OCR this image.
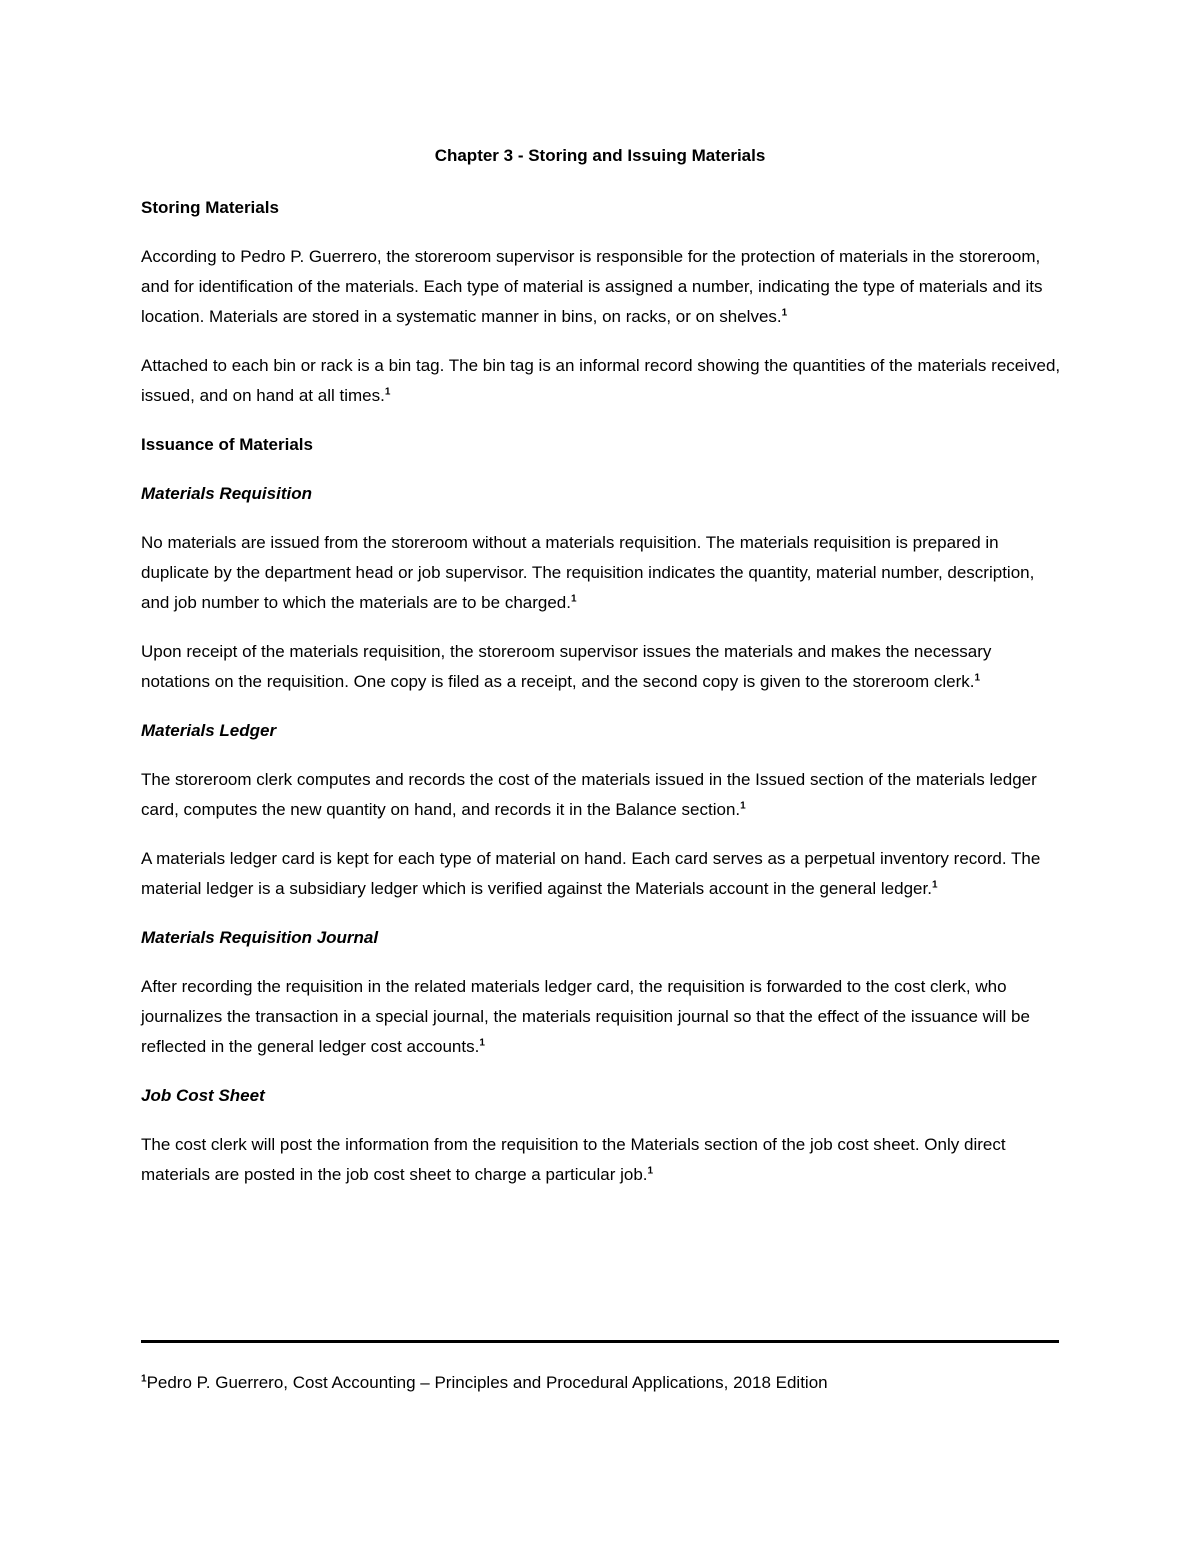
Chapter 3 - Storing and Issuing Materials
Storing Materials

According to Pedro P. Guerrero, the storeroom supervisor is responsible for the protection of materials in the storeroom, and for identification of the materials. Each type of material is assigned a number, indicating the type of materials and its location. Materials are stored in a systematic manner in bins, on racks, or on shelves.$^1$

Attached to each bin or rack is a bin tag. The bin tag is an informal record showing the quantities of the materials received, issued, and on hand at all times.$^1$

Issuance of Materials
Materials Requisition

No materials are issued from the storeroom without a materials requisition. The materials requisition is prepared in duplicate by the department head or job supervisor. The requisition indicates the quantity, material number, description, and job number to which the materials are to be charged.$^1$

Upon receipt of the materials requisition, the storeroom supervisor issues the materials and makes the necessary notations on the requisition. One copy is filed as a receipt, and the second copy is given to the storeroom clerk.$^1$

Materials Ledger

The storeroom clerk computes and records the cost of the materials issued in the Issued section of the materials ledger card, computes the new quantity on hand, and records it in the Balance section.$^1$

A materials ledger card is kept for each type of material on hand. Each card serves as a perpetual inventory record. The material ledger is a subsidiary ledger which is verified against the Materials account in the general ledger.$^1$

Materials Requisition Journal

After recording the requisition in the related materials ledger card, the requisition is forwarded to the cost clerk, who journalizes the transaction in a special journal, the materials requisition journal so that the effect of the issuance will be reflected in the general ledger cost accounts.$^1$

Job Cost Sheet

The cost clerk will post the information from the requisition to the Materials section of the job cost sheet. Only direct materials are posted in the job cost sheet to charge a particular job.$^1$

$^1$Pedro P. Guerrero, Cost Accounting – Principles and Procedural Applications, 2018 Edition
